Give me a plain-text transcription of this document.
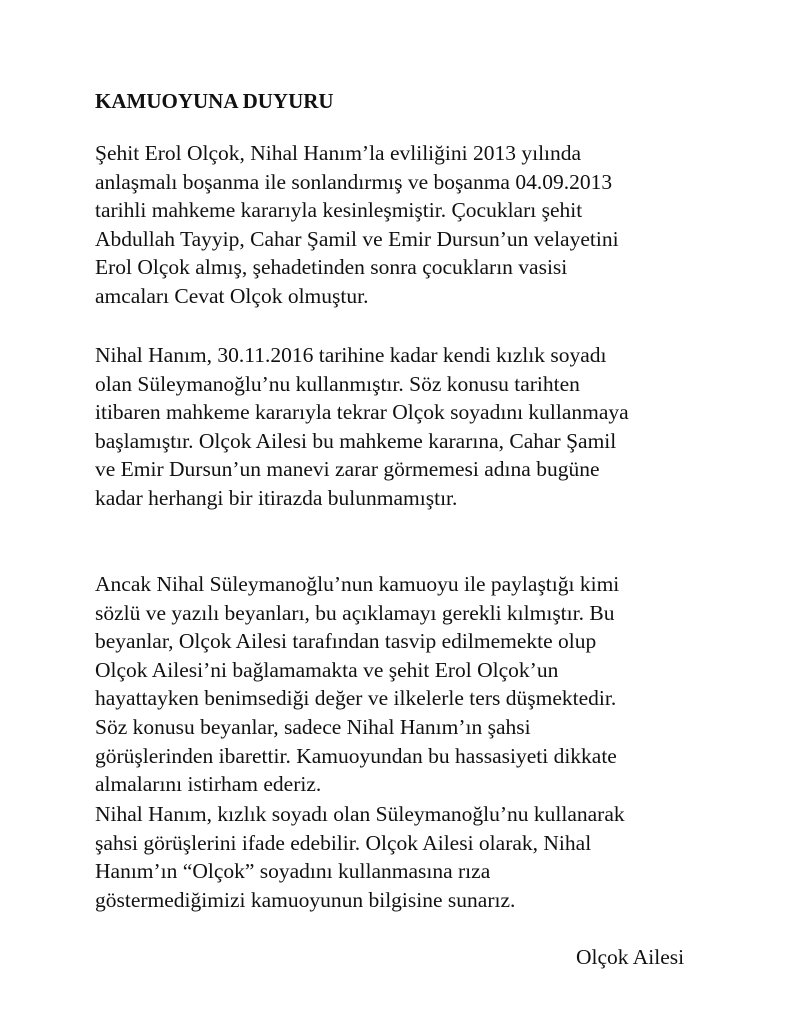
KAMUOYUNA DUYURU

Şehit Erol Olçok, Nihal Hanım’la evliliğini 2013 yılında
anlaşmalı boşanma ile sonlandırmış ve boşanma 04.09.2013
tarihli mahkeme kararıyla kesinleşmiştir. Çocukları şehit
Abdullah Tayyip, Cahar Şamil ve Emir Dursun’un velayetini
Erol Olçok almış, şehadetinden sonra çocukların vasisi
amcaları Cevat Olçok olmuştur.

Nihal Hanım, 30.11.2016 tarihine kadar kendi kızlık soyadı
olan Süleymanoğlu’nu kullanmıştır. Söz konusu tarihten
itibaren mahkeme kararıyla tekrar Olçok soyadını kullanmaya
başlamıştır. Olçok Ailesi bu mahkeme kararına, Cahar Şamil
ve Emir Dursun’un manevi zarar görmemesi adına bugüne
kadar herhangi bir itirazda bulunmamıştır.

Ancak Nihal Süleymanoğlu’nun kamuoyu ile paylaştığı kimi
sözlü ve yazılı beyanları, bu açıklamayı gerekli kılmıştır. Bu
beyanlar, Olçok Ailesi tarafından tasvip edilmemekte olup
Olçok Ailesi’ni bağlamamakta ve şehit Erol Olçok’un
hayattayken benimsediği değer ve ilkelerle ters düşmektedir.
Söz konusu beyanlar, sadece Nihal Hanım’ın şahsi
görüşlerinden ibarettir. Kamuoyundan bu hassasiyeti dikkate
almalarını istirham ederiz.

Nihal Hanım, kızlık soyadı olan Süleymanoğlu’nu kullanarak
şahsi görüşlerini ifade edebilir. Olçok Ailesi olarak, Nihal
Hanım’ın “Olçok” soyadını kullanmasına rıza
göstermediğimizi kamuoyunun bilgisine sunarız.

Olçok Ailesi
